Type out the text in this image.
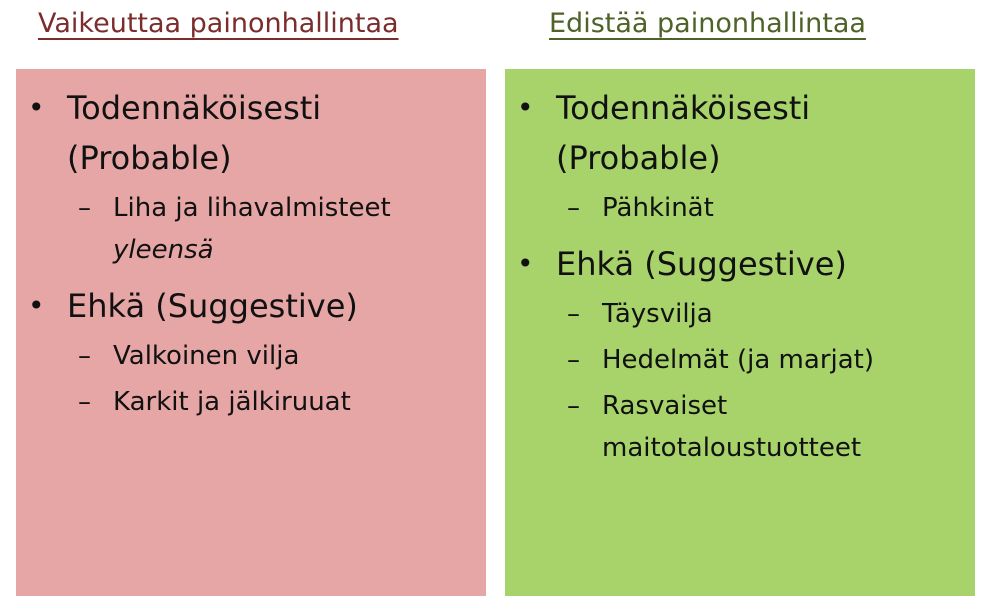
Vaikeuttaa painonhallintaa	Edistää painonhallintaa
• Todennäköisesti (Probable)
– Liha ja lihavalmisteet
yleensä
• Ehkä (Suggestive)
– Valkoinen vilja
– Karkit ja jälkiruuat
• Todennäköisesti (Probable)
– Pähkinät
• Ehkä (Suggestive)
– Täysvilja
– Hedelmät (ja marjat)
– Rasvaiset maitotaloustuotteet
